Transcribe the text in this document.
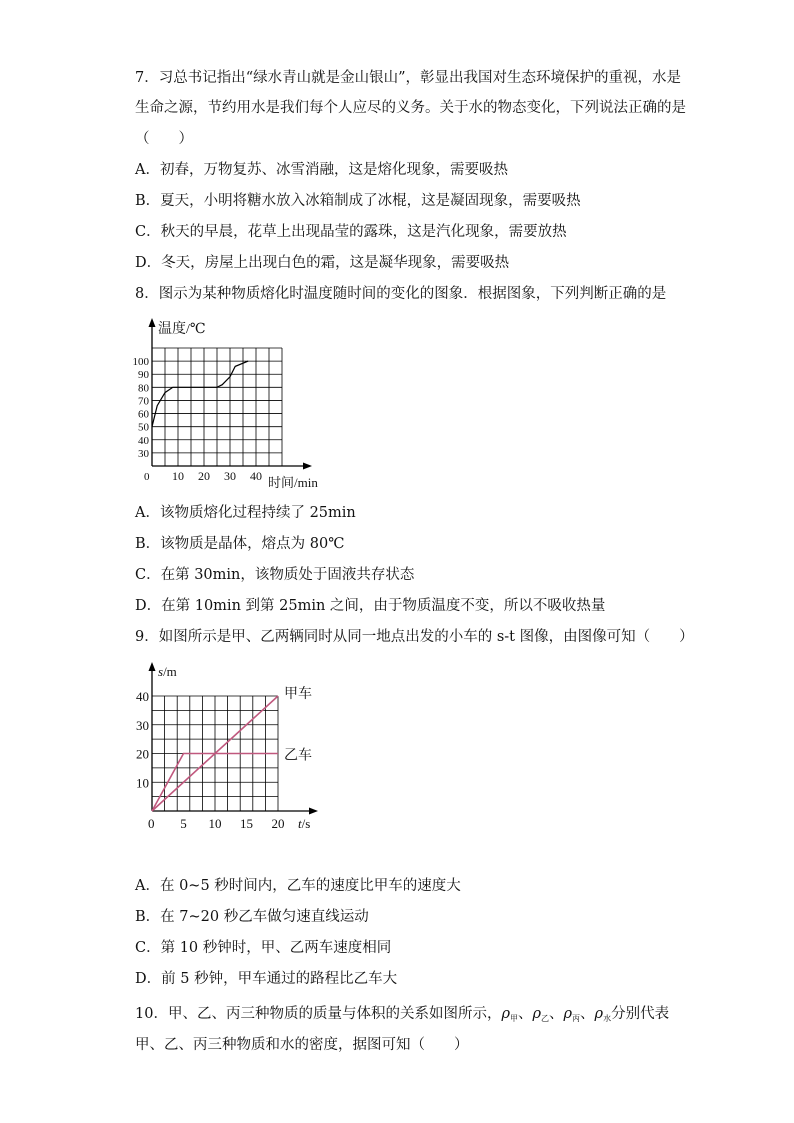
7．习总书记指出“绿水青山就是金山银山”，彰显出我国对生态环境保护的重视，水是
生命之源，节约用水是我们每个人应尽的义务。关于水的物态变化，下列说法正确的是
（　　）
A．初春，万物复苏、冰雪消融，这是熔化现象，需要吸热
B．夏天，小明将糖水放入冰箱制成了冰棍，这是凝固现象，需要吸热
C．秋天的早晨，花草上出现晶莹的露珠，这是汽化现象，需要放热
D．冬天，房屋上出现白色的霜，这是凝华现象，需要吸热
8．图示为某种物质熔化时温度随时间的变化的图象．根据图象，下列判断正确的是
温度/℃
时间/min
0
30
40
50
60
70
80
90
100
10 20 30 40
A．该物质熔化过程持续了 25min
B．该物质是晶体，熔点为 80℃
C．在第 30min，该物质处于固液共存状态
D．在第 10min 到第 25min 之间，由于物质温度不变，所以不吸收热量
9．如图所示是甲、乙两辆同时从同一地点出发的小车的 s-t 图像，由图像可知（　　）
s/m
t/s
0
10
20
30
40
5 10 15 20
甲车
乙车
A．在 0~5 秒时间内，乙车的速度比甲车的速度大
B．在 7~20 秒乙车做匀速直线运动
C．第 10 秒钟时，甲、乙两车速度相同
D．前 5 秒钟，甲车通过的路程比乙车大
10．甲、乙、丙三种物质的质量与体积的关系如图所示，$\rho_甲$、$\rho_乙$、$\rho_丙$、$\rho_水$分别代表
甲、乙、丙三种物质和水的密度，据图可知（　　）
